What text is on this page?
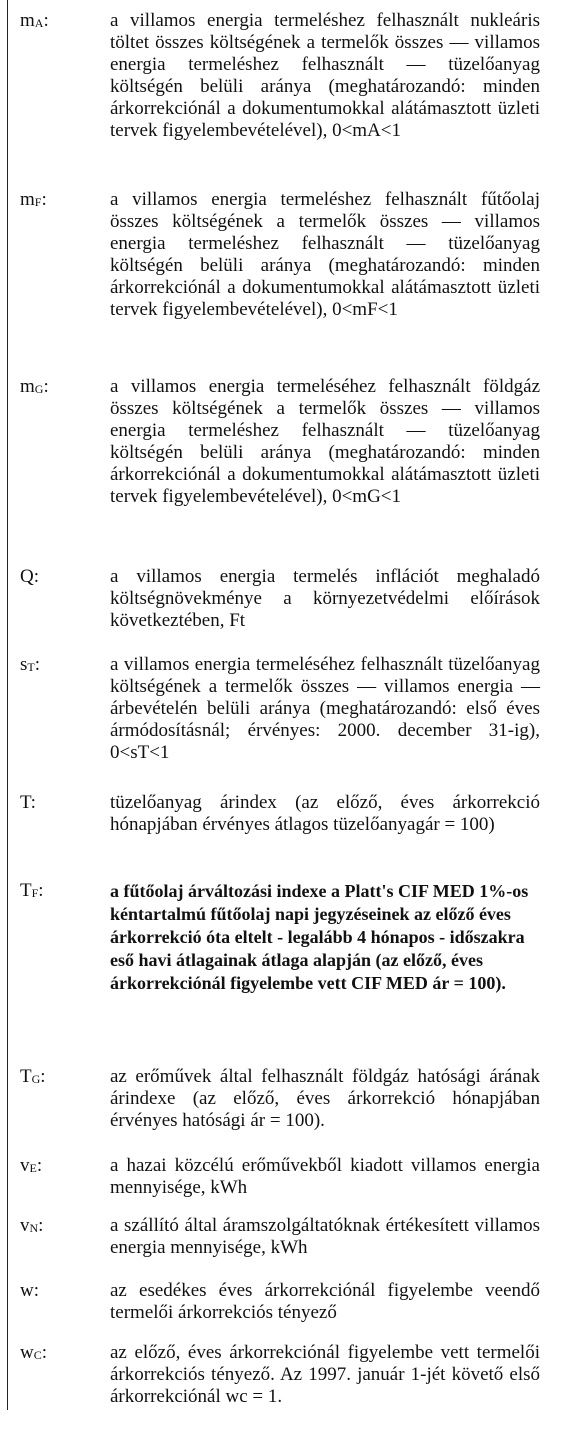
$m_A$:	a villamos energia termeléshez felhasznált nukleáris töltet összes költségének a termelők összes — villamos energia termeléshez felhasznált — tüzelőanyag költségén belüli aránya (meghatározandó: minden árkorrekciónál a dokumentumokkal alátámasztott üzleti tervek figyelembevételével), 0<mA<1
$m_F$:	a villamos energia termeléshez felhasznált fűtőolaj összes költségének a termelők összes — villamos energia termeléshez felhasznált — tüzelőanyag költségén belüli aránya (meghatározandó: minden árkorrekciónál a dokumentumokkal alátámasztott üzleti tervek figyelembevételével), 0<mF<1
$m_G$:	a villamos energia termeléséhez felhasznált földgáz összes költségének a termelők összes — villamos energia termeléshez felhasznált — tüzelőanyag költségén belüli aránya (meghatározandó: minden árkorrekciónál a dokumentumokkal alátámasztott üzleti tervek figyelembevételével), 0<mG<1
Q:	a villamos energia termelés inflációt meghaladó költségnövekménye a környezetvédelmi előírások következtében, Ft
$s_T$:	a villamos energia termeléséhez felhasznált tüzelőanyag költségének a termelők összes — villamos energia — árbevételén belüli aránya (meghatározandó: első éves ármódosításnál; érvényes: 2000. december 31-ig), 0<sT<1
T:	tüzelőanyag árindex (az előző, éves árkorrekció hónapjában érvényes átlagos tüzelőanyagár = 100)
$T_F$:	a fűtőolaj árváltozási indexe a Platt's CIF MED 1%-os kéntartalmú fűtőolaj napi jegyzéseinek az előző éves árkorrekció óta eltelt - legalább 4 hónapos - időszakra eső havi átlagainak átlaga alapján (az előző, éves árkorrekciónál figyelembe vett CIF MED ár = 100).
$T_G$:	az erőművek által felhasznált földgáz hatósági árának árindexe (az előző, éves árkorrekció hónapjában érvényes hatósági ár = 100).
$v_E$:	a hazai közcélú erőművekből kiadott villamos energia mennyisége, kWh
$v_N$:	a szállító által áramszolgáltatóknak értékesített villamos energia mennyisége, kWh
w:	az esedékes éves árkorrekciónál figyelembe veendő termelői árkorrekciós tényező
$w_C$:	az előző, éves árkorrekciónál figyelembe vett termelői árkorrekciós tényező. Az 1997. január 1-jét követő első árkorrekciónál wc = 1.
